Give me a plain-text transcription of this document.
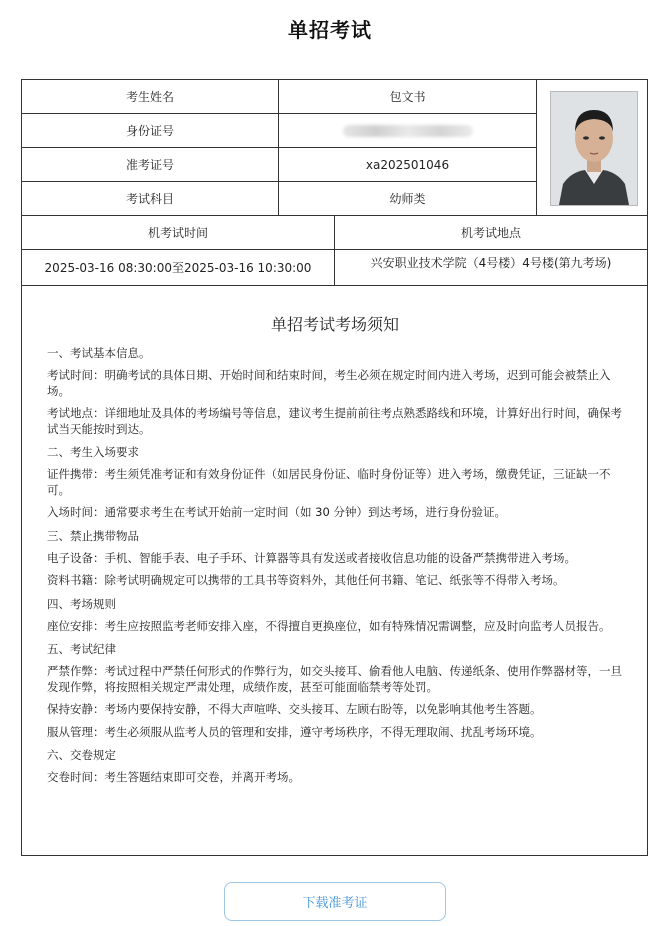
单招考试
考生姓名	包文书
身份证号
准考证号	xa202501046
考试科目	幼师类
机考试时间	机考试地点
2025-03-16 08:30:00至2025-03-16 10:30:00	兴安职业技术学院（4号楼）4号楼(第九考场)
单招考试考场须知
一、考试基本信息。
考试时间：明确考试的具体日期、开始时间和结束时间，考生必须在规定时间内进入考场，迟到可能会被禁止入场。
考试地点：详细地址及具体的考场编号等信息，建议考生提前前往考点熟悉路线和环境，计算好出行时间，确保考试当天能按时到达。
二、考生入场要求
证件携带：考生须凭准考证和有效身份证件（如居民身份证、临时身份证等）进入考场，缴费凭证，三证缺一不可。
入场时间：通常要求考生在考试开始前一定时间（如 30 分钟）到达考场，进行身份验证。
三、禁止携带物品
电子设备：手机、智能手表、电子手环、计算器等具有发送或者接收信息功能的设备严禁携带进入考场。
资料书籍：除考试明确规定可以携带的工具书等资料外，其他任何书籍、笔记、纸张等不得带入考场。
四、考场规则
座位安排：考生应按照监考老师安排入座，不得擅自更换座位，如有特殊情况需调整，应及时向监考人员报告。
五、考试纪律
严禁作弊：考试过程中严禁任何形式的作弊行为，如交头接耳、偷看他人电脑、传递纸条、使用作弊器材等，一旦发现作弊，将按照相关规定严肃处理，成绩作废，甚至可能面临禁考等处罚。
保持安静：考场内要保持安静，不得大声喧哗、交头接耳、左顾右盼等，以免影响其他考生答题。
服从管理：考生必须服从监考人员的管理和安排，遵守考场秩序，不得无理取闹、扰乱考场环境。
六、交卷规定
交卷时间：考生答题结束即可交卷，并离开考场。
下载准考证
